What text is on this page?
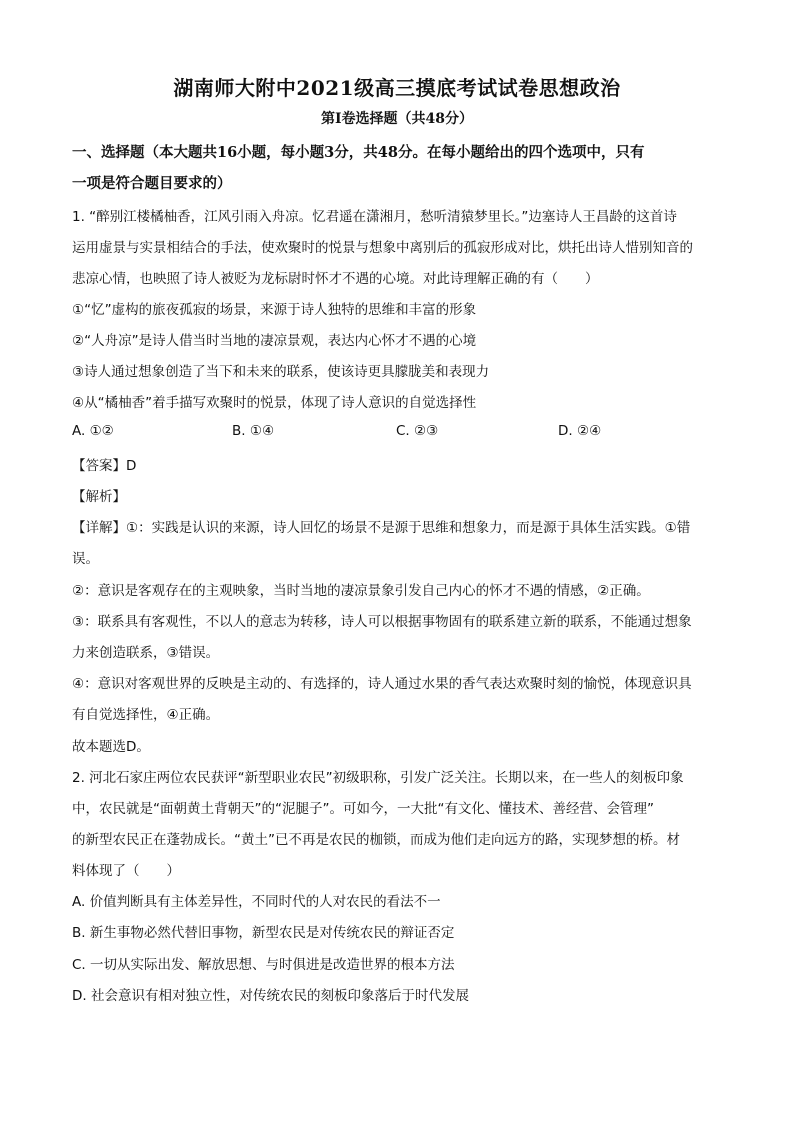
湖南师大附中2021级高三摸底考试试卷思想政治
第Ⅰ卷选择题（共48分）
一、选择题（本大题共16小题，每小题3分，共48分。在每小题给出的四个选项中，只有
一项是符合题目要求的）
1. “醉别江楼橘柚香，江风引雨入舟凉。忆君遥在潇湘月，愁听清猿梦里长。”边塞诗人王昌龄的这首诗
运用虚景与实景相结合的手法，使欢聚时的悦景与想象中离别后的孤寂形成对比，烘托出诗人惜别知音的
悲凉心情，也映照了诗人被贬为龙标尉时怀才不遇的心境。对此诗理解正确的有（　　）
①“忆”虚构的旅夜孤寂的场景，来源于诗人独特的思维和丰富的形象
②“人舟凉”是诗人借当时当地的凄凉景观，表达内心怀才不遇的心境
③诗人通过想象创造了当下和未来的联系，使该诗更具朦胧美和表现力
④从“橘柚香”着手描写欢聚时的悦景，体现了诗人意识的自觉选择性
A. ①②	B. ①④	C. ②③	D. ②④
【答案】D
【解析】
【详解】①：实践是认识的来源，诗人回忆的场景不是源于思维和想象力，而是源于具体生活实践。①错
误。
②：意识是客观存在的主观映象，当时当地的凄凉景象引发自己内心的怀才不遇的情感，②正确。
③：联系具有客观性，不以人的意志为转移，诗人可以根据事物固有的联系建立新的联系，不能通过想象
力来创造联系，③错误。
④：意识对客观世界的反映是主动的、有选择的，诗人通过水果的香气表达欢聚时刻的愉悦，体现意识具
有自觉选择性，④正确。
故本题选D。
2. 河北石家庄两位农民获评“新型职业农民”初级职称，引发广泛关注。长期以来，在一些人的刻板印象
中，农民就是“面朝黄土背朝天”的“泥腿子”。可如今，一大批“有文化、懂技术、善经营、会管理”
的新型农民正在蓬勃成长。“黄土”已不再是农民的枷锁，而成为他们走向远方的路，实现梦想的桥。材
料体现了（　　）
A. 价值判断具有主体差异性，不同时代的人对农民的看法不一
B. 新生事物必然代替旧事物，新型农民是对传统农民的辩证否定
C. 一切从实际出发、解放思想、与时俱进是改造世界的根本方法
D. 社会意识有相对独立性，对传统农民的刻板印象落后于时代发展
